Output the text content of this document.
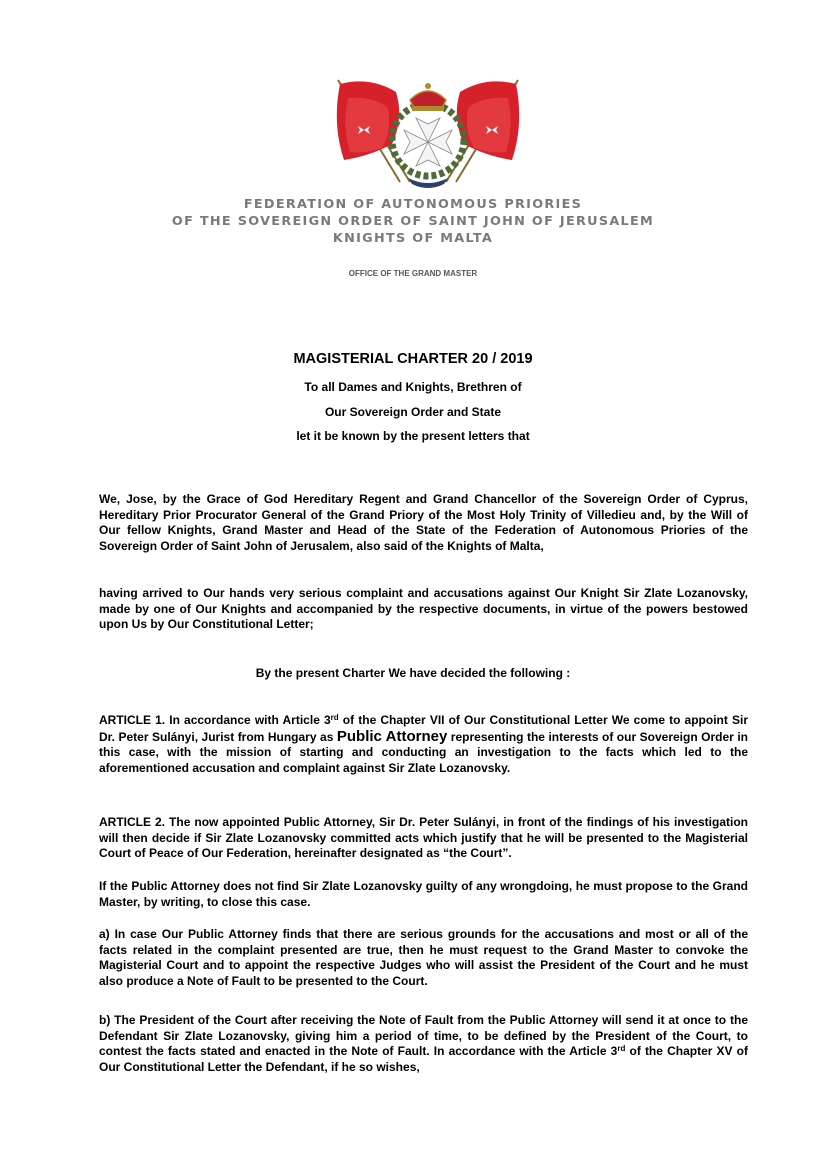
FEDERATION OF AUTONOMOUS PRIORIES
OF THE SOVEREIGN ORDER OF SAINT JOHN OF JERUSALEM
KNIGHTS OF MALTA
OFFICE OF THE GRAND MASTER
MAGISTERIAL CHARTER 20 / 2019
To all Dames and Knights, Brethren of
Our Sovereign Order and State
let it be known by the present letters that

We, Jose, by the Grace of God Hereditary Regent and Grand Chancellor of the Sovereign Order of Cyprus, Hereditary Prior Procurator General of the Grand Priory of the Most Holy Trinity of Villedieu and, by the Will of Our fellow Knights, Grand Master and Head of the State of the Federation of Autonomous Priories of the Sovereign Order of Saint John of Jerusalem, also said of the Knights of Malta,

having arrived to Our hands very serious complaint and accusations against Our Knight Sir Zlate Lozanovsky, made by one of Our Knights and accompanied by the respective documents, in virtue of the powers bestowed upon Us by Our Constitutional Letter;

By the present Charter We have decided the following :

ARTICLE 1. In accordance with Article 3rd of the Chapter VII of Our Constitutional Letter We come to appoint Sir Dr. Peter Sulányi, Jurist from Hungary as Public Attorney representing the interests of our Sovereign Order in this case, with the mission of starting and conducting an investigation to the facts which led to the aforementioned accusation and complaint against Sir Zlate Lozanovsky.

ARTICLE 2. The now appointed Public Attorney, Sir Dr. Peter Sulányi, in front of the findings of his investigation will then decide if Sir Zlate Lozanovsky committed acts which justify that he will be presented to the Magisterial Court of Peace of Our Federation, hereinafter designated as “the Court”.

If the Public Attorney does not find Sir Zlate Lozanovsky guilty of any wrongdoing, he must propose to the Grand Master, by writing, to close this case.

a) In case Our Public Attorney finds that there are serious grounds for the accusations and most or all of the facts related in the complaint presented are true, then he must request to the Grand Master to convoke the Magisterial Court and to appoint the respective Judges who will assist the President of the Court and he must also produce a Note of Fault to be presented to the Court.

b) The President of the Court after receiving the Note of Fault from the Public Attorney will send it at once to the Defendant Sir Zlate Lozanovsky, giving him a period of time, to be defined by the President of the Court, to contest the facts stated and enacted in the Note of Fault. In accordance with the Article 3rd of the Chapter XV of Our Constitutional Letter the Defendant, if he so wishes,
